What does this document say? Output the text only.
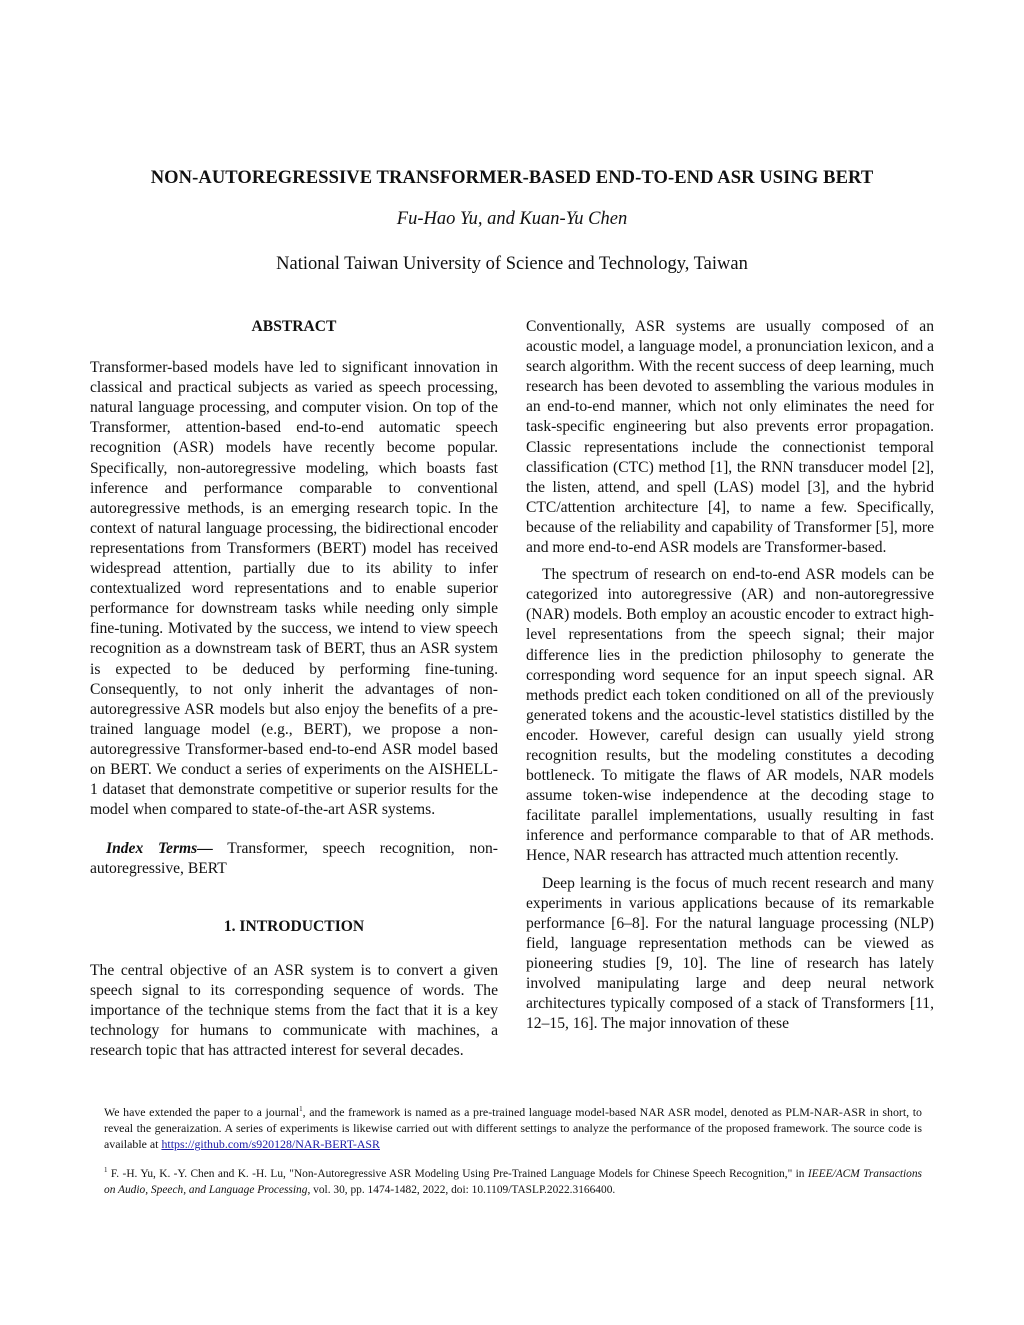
NON-AUTOREGRESSIVE TRANSFORMER-BASED END-TO-END ASR USING BERT
Fu-Hao Yu, and Kuan-Yu Chen
National Taiwan University of Science and Technology, Taiwan

ABSTRACT

Transformer-based models have led to significant innovation in classical and practical subjects as varied as speech processing, natural language processing, and computer vision. On top of the Transformer, attention-based end-to-end automatic speech recognition (ASR) models have recently become popular. Specifically, non-autoregressive modeling, which boasts fast inference and performance comparable to conventional autoregressive methods, is an emerging research topic. In the context of natural language processing, the bidirectional encoder representations from Transformers (BERT) model has received widespread attention, partially due to its ability to infer contextualized word representations and to enable superior performance for downstream tasks while needing only simple fine-tuning. Motivated by the success, we intend to view speech recognition as a downstream task of BERT, thus an ASR system is expected to be deduced by performing fine-tuning. Consequently, to not only inherit the advantages of non-autoregressive ASR models but also enjoy the benefits of a pre-trained language model (e.g., BERT), we propose a non-autoregressive Transformer-based end-to-end ASR model based on BERT. We conduct a series of experiments on the AISHELL-1 dataset that demonstrate competitive or superior results for the model when compared to state-of-the-art ASR systems.

Index Terms— Transformer, speech recognition, non-autoregressive, BERT

1. INTRODUCTION

The central objective of an ASR system is to convert a given speech signal to its corresponding sequence of words. The importance of the technique stems from the fact that it is a key technology for humans to communicate with machines, a research topic that has attracted interest for several decades.

Conventionally, ASR systems are usually composed of an acoustic model, a language model, a pronunciation lexicon, and a search algorithm. With the recent success of deep learning, much research has been devoted to assembling the various modules in an end-to-end manner, which not only eliminates the need for task-specific engineering but also prevents error propagation. Classic representations include the connectionist temporal classification (CTC) method [1], the RNN transducer model [2], the listen, attend, and spell (LAS) model [3], and the hybrid CTC/attention architecture [4], to name a few. Specifically, because of the reliability and capability of Transformer [5], more and more end-to-end ASR models are Transformer-based.

The spectrum of research on end-to-end ASR models can be categorized into autoregressive (AR) and non-autoregressive (NAR) models. Both employ an acoustic encoder to extract high-level representations from the speech signal; their major difference lies in the prediction philosophy to generate the corresponding word sequence for an input speech signal. AR methods predict each token conditioned on all of the previously generated tokens and the acoustic-level statistics distilled by the encoder. However, careful design can usually yield strong recognition results, but the modeling constitutes a decoding bottleneck. To mitigate the flaws of AR models, NAR models assume token-wise independence at the decoding stage to facilitate parallel implementations, usually resulting in fast inference and performance comparable to that of AR methods. Hence, NAR research has attracted much attention recently.

Deep learning is the focus of much recent research and many experiments in various applications because of its remarkable performance [6–8]. For the natural language processing (NLP) field, language representation methods can be viewed as pioneering studies [9, 10]. The line of research has lately involved manipulating large and deep neural network architectures typically composed of a stack of Transformers [11, 12–15, 16]. The major innovation of these

We have extended the paper to a journal$^1$, and the framework is named as a pre-trained language model-based NAR ASR model, denoted as PLM-NAR-ASR in short, to reveal the generaization. A series of experiments is likewise carried out with different settings to analyze the performance of the proposed framework. The source code is available at https://github.com/s920128/NAR-BERT-ASR
$^1$ F. -H. Yu, K. -Y. Chen and K. -H. Lu, "Non-Autoregressive ASR Modeling Using Pre-Trained Language Models for Chinese Speech Recognition," in IEEE/ACM Transactions on Audio, Speech, and Language Processing, vol. 30, pp. 1474-1482, 2022, doi: 10.1109/TASLP.2022.3166400.
